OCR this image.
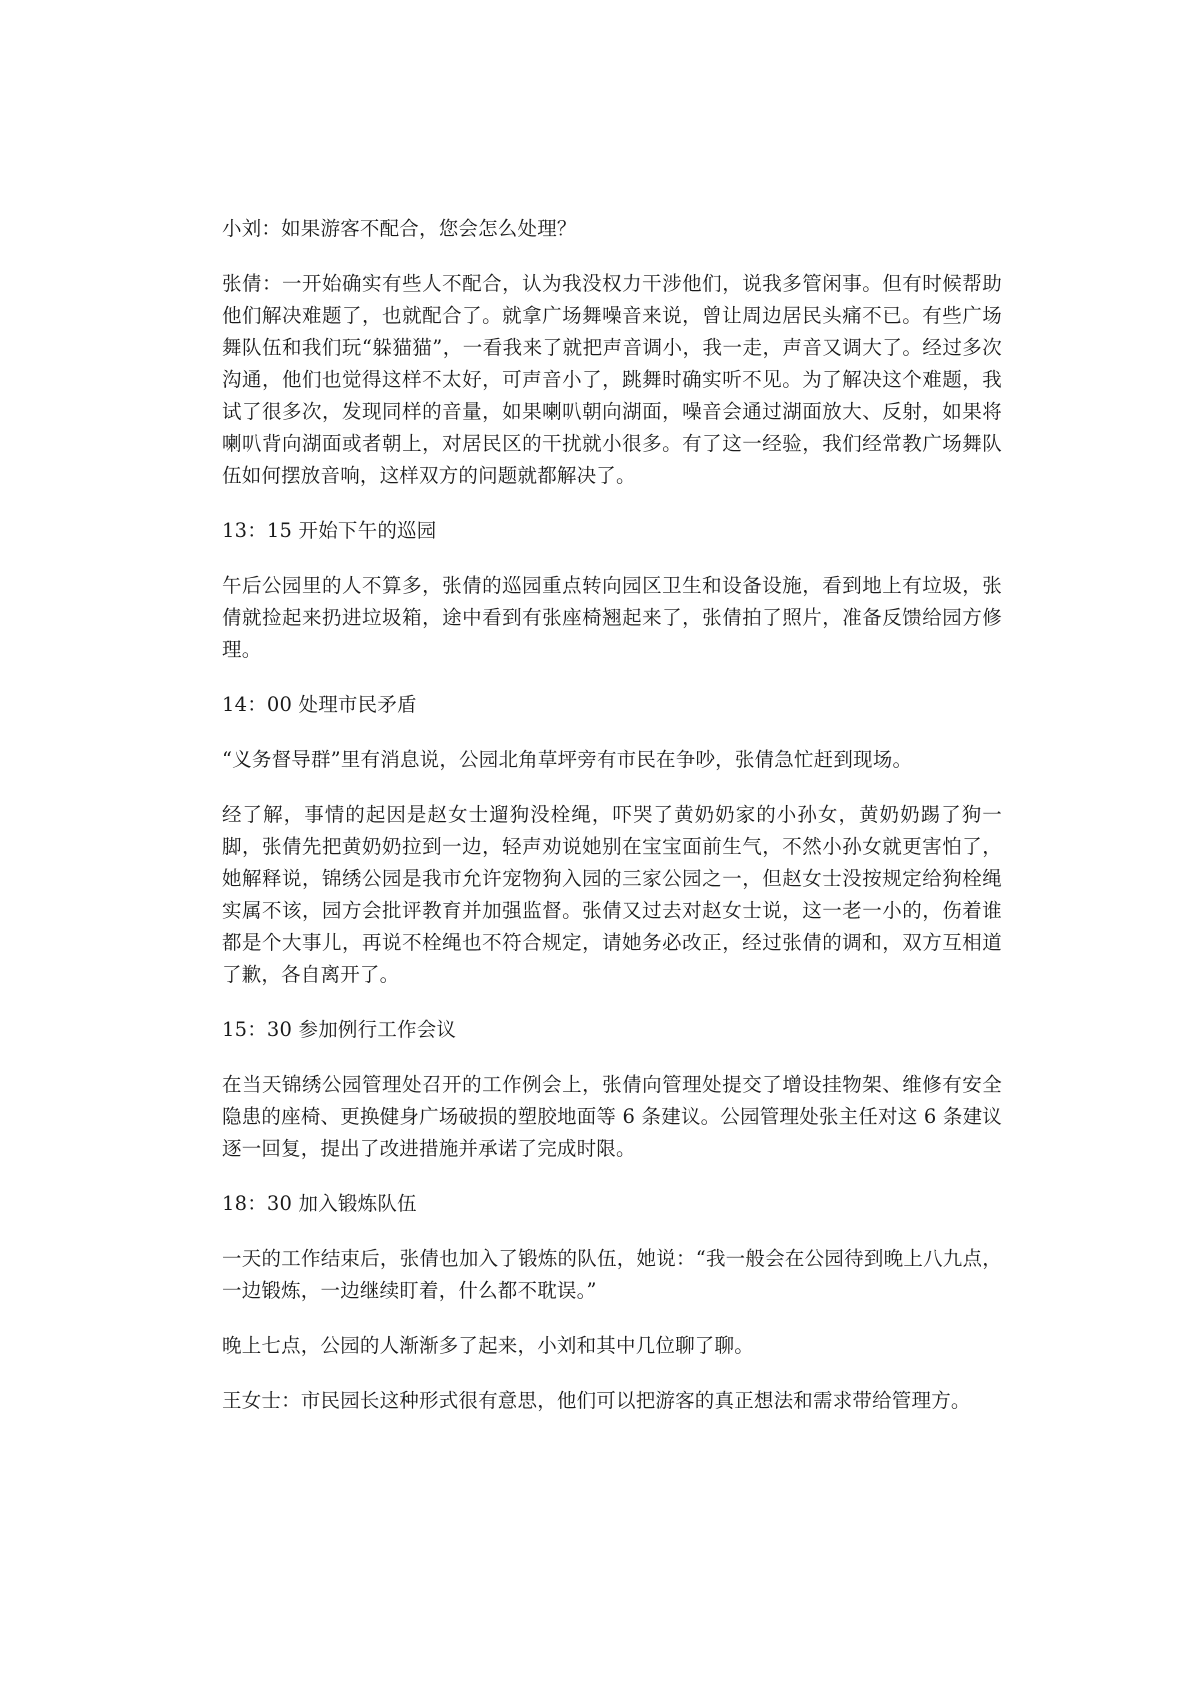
小刘：如果游客不配合，您会怎么处理？

张倩：一开始确实有些人不配合，认为我没权力干涉他们，说我多管闲事。但有时候帮助他们解决难题了，也就配合了。就拿广场舞噪音来说，曾让周边居民头痛不已。有些广场舞队伍和我们玩“躲猫猫”，一看我来了就把声音调小，我一走，声音又调大了。经过多次沟通，他们也觉得这样不太好，可声音小了，跳舞时确实听不见。为了解决这个难题，我试了很多次，发现同样的音量，如果喇叭朝向湖面，噪音会通过湖面放大、反射，如果将喇叭背向湖面或者朝上，对居民区的干扰就小很多。有了这一经验，我们经常教广场舞队伍如何摆放音响，这样双方的问题就都解决了。

13：15 开始下午的巡园

午后公园里的人不算多，张倩的巡园重点转向园区卫生和设备设施，看到地上有垃圾，张倩就捡起来扔进垃圾箱，途中看到有张座椅翘起来了，张倩拍了照片，准备反馈给园方修理。

14：00 处理市民矛盾

“义务督导群”里有消息说，公园北角草坪旁有市民在争吵，张倩急忙赶到现场。

经了解，事情的起因是赵女士遛狗没栓绳，吓哭了黄奶奶家的小孙女，黄奶奶踢了狗一脚，张倩先把黄奶奶拉到一边，轻声劝说她别在宝宝面前生气，不然小孙女就更害怕了，她解释说，锦绣公园是我市允许宠物狗入园的三家公园之一，但赵女士没按规定给狗栓绳实属不该，园方会批评教育并加强监督。张倩又过去对赵女士说，这一老一小的，伤着谁都是个大事儿，再说不栓绳也不符合规定，请她务必改正，经过张倩的调和，双方互相道了歉，各自离开了。

15：30 参加例行工作会议

在当天锦绣公园管理处召开的工作例会上，张倩向管理处提交了增设挂物架、维修有安全隐患的座椅、更换健身广场破损的塑胶地面等 6 条建议。公园管理处张主任对这 6 条建议逐一回复，提出了改进措施并承诺了完成时限。

18：30 加入锻炼队伍

一天的工作结束后，张倩也加入了锻炼的队伍，她说：“我一般会在公园待到晚上八九点，一边锻炼，一边继续盯着，什么都不耽误。”

晚上七点，公园的人渐渐多了起来，小刘和其中几位聊了聊。

王女士：市民园长这种形式很有意思，他们可以把游客的真正想法和需求带给管理方。
